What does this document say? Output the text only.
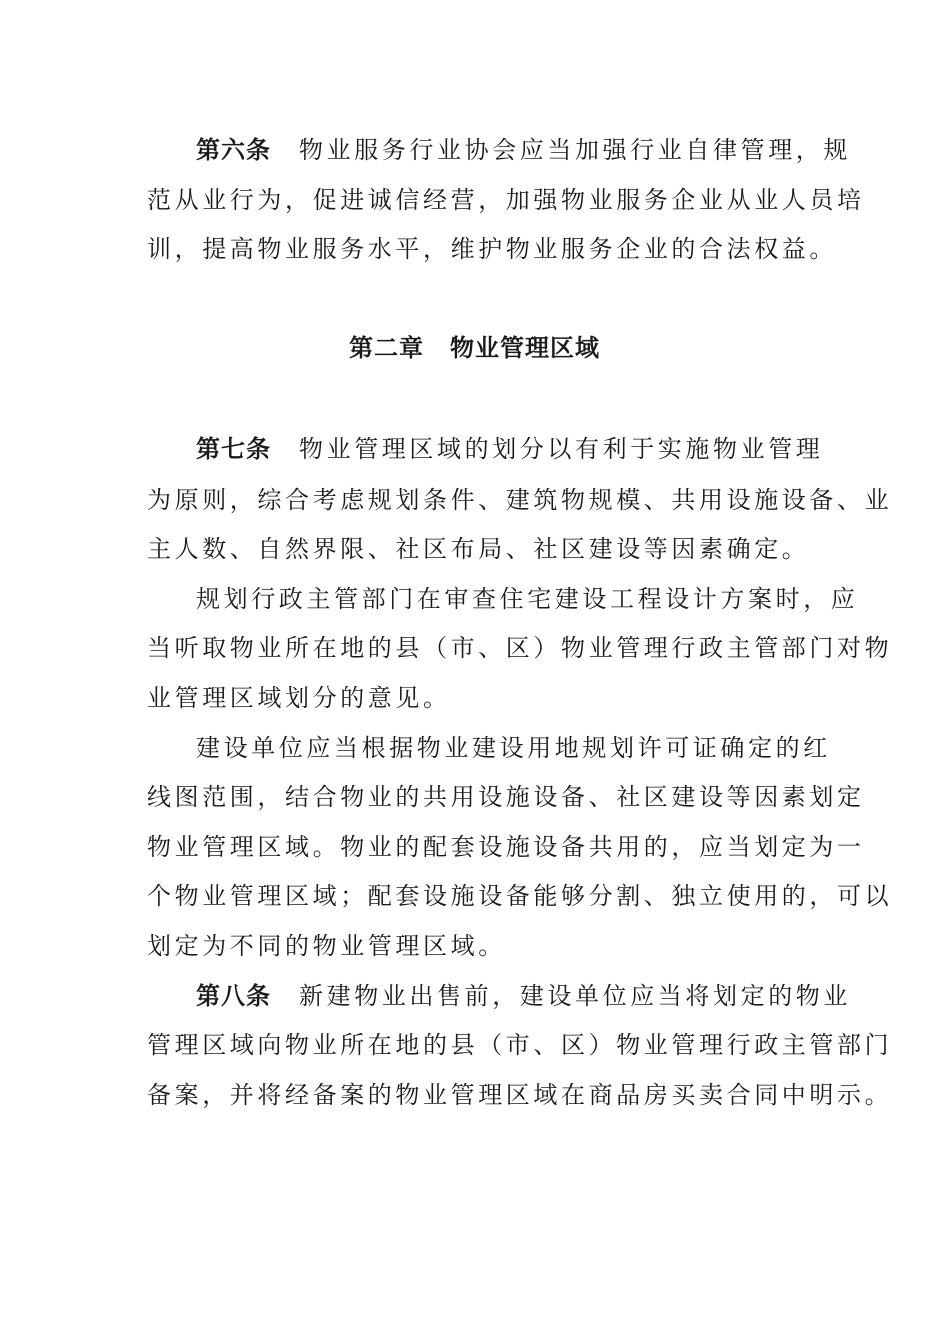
第六条 物业服务行业协会应当加强行业自律管理，规
范从业行为，促进诚信经营，加强物业服务企业从业人员培
训，提高物业服务水平，维护物业服务企业的合法权益。
第二章 物业管理区域
第七条 物业管理区域的划分以有利于实施物业管理
为原则，综合考虑规划条件、建筑物规模、共用设施设备、业
主人数、自然界限、社区布局、社区建设等因素确定。
规划行政主管部门在审查住宅建设工程设计方案时，应
当听取物业所在地的县（市、区）物业管理行政主管部门对物
业管理区域划分的意见。
建设单位应当根据物业建设用地规划许可证确定的红
线图范围，结合物业的共用设施设备、社区建设等因素划定
物业管理区域。物业的配套设施设备共用的，应当划定为一
个物业管理区域；配套设施设备能够分割、独立使用的，可以
划定为不同的物业管理区域。
第八条 新建物业出售前，建设单位应当将划定的物业
管理区域向物业所在地的县（市、区）物业管理行政主管部门
备案，并将经备案的物业管理区域在商品房买卖合同中明示。
